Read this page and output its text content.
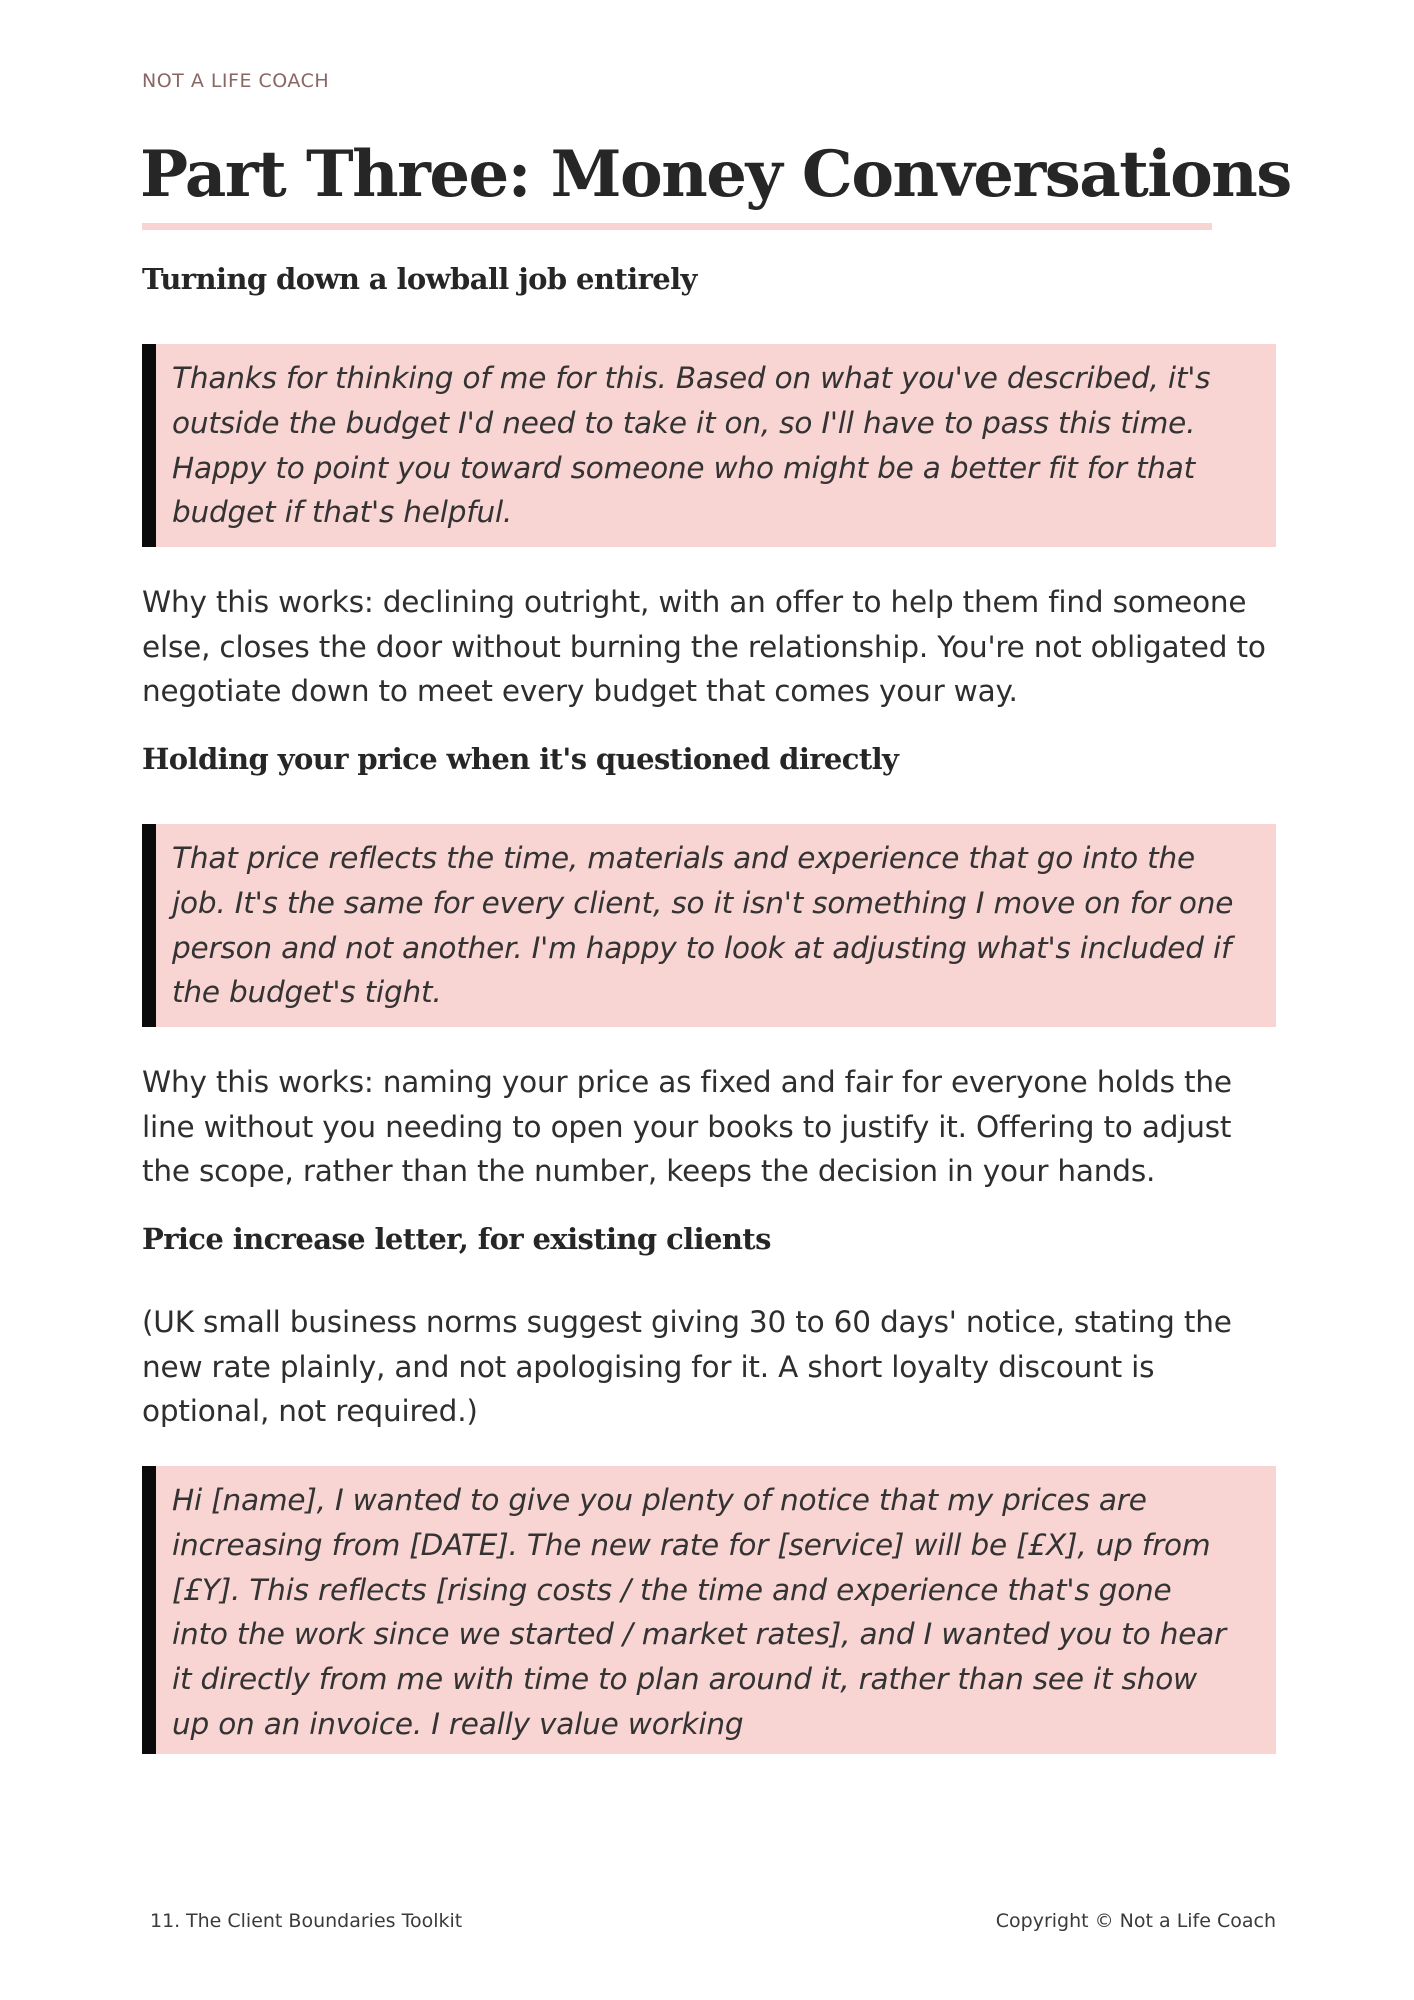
NOT A LIFE COACH
Part Three: Money Conversations
Turning down a lowball job entirely

Thanks for thinking of me for this. Based on what you've described, it's outside the budget I'd need to take it on, so I'll have to pass this time. Happy to point you toward someone who might be a better fit for that budget if that's helpful.

Why this works: declining outright, with an offer to help them find someone else, closes the door without burning the relationship. You're not obligated to negotiate down to meet every budget that comes your way.

Holding your price when it's questioned directly

That price reflects the time, materials and experience that go into the job. It's the same for every client, so it isn't something I move on for one person and not another. I'm happy to look at adjusting what's included if the budget's tight.

Why this works: naming your price as fixed and fair for everyone holds the line without you needing to open your books to justify it. Offering to adjust the scope, rather than the number, keeps the decision in your hands.

Price increase letter, for existing clients

(UK small business norms suggest giving 30 to 60 days' notice, stating the new rate plainly, and not apologising for it. A short loyalty discount is optional, not required.)

Hi [name], I wanted to give you plenty of notice that my prices are increasing from [DATE]. The new rate for [service] will be [£X], up from [£Y]. This reflects [rising costs / the time and experience that's gone into the work since we started / market rates], and I wanted you to hear it directly from me with time to plan around it, rather than see it show up on an invoice. I really value working

11. The Client Boundaries Toolkit	Copyright © Not a Life Coach
